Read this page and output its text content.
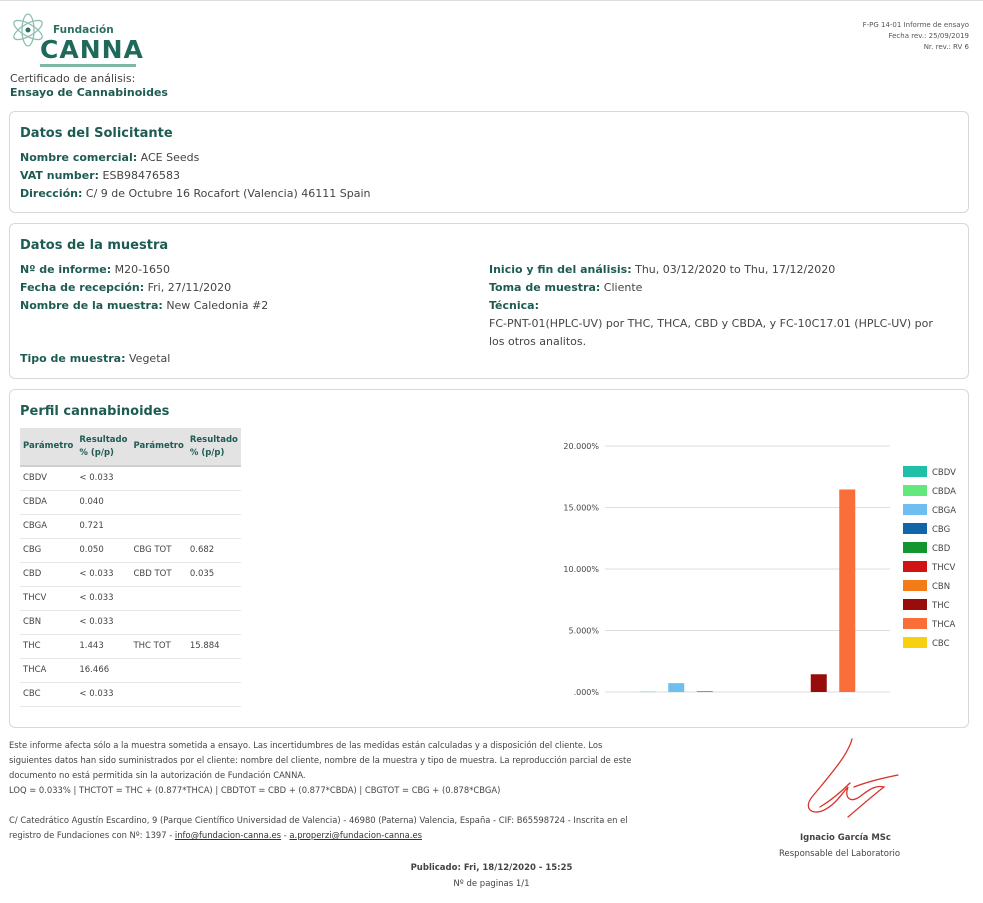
Fundación
CANNA
F-PG 14-01 Informe de ensayo
Fecha rev.: 25/09/2019
Nr. rev.: RV 6
Certificado de análisis:
Ensayo de Cannabinoides
Datos del Solicitante
Nombre comercial: ACE Seeds
VAT number: ESB98476583
Dirección: C/ 9 de Octubre 16 Rocafort (Valencia) 46111 Spain
Datos de la muestra
Nº de informe: M20-1650
Fecha de recepción: Fri, 27/11/2020
Nombre de la muestra: New Caledonia #2
Tipo de muestra: Vegetal
Inicio y fin del análisis: Thu, 03/12/2020 to Thu, 17/12/2020
Toma de muestra: Cliente
Técnica:
FC-PNT-01(HPLC-UV) por THC, THCA, CBD y CBDA, y FC-10C17.01 (HPLC-UV) por
los otros analitos.
Perfil cannabinoides
Parámetro	Resultado
% (p/p)	Parámetro	Resultado
% (p/p)
CBDV	< 0.033		
CBDA	0.040		
CBGA	0.721		
CBG	0.050	CBG TOT	0.682
CBD	< 0.033	CBD TOT	0.035
THCV	< 0.033		
CBN	< 0.033		
THC	1.443	THC TOT	15.884
THCA	16.466		
CBC	< 0.033		
20.000%
15.000%
10.000%
5.000%
.000%
CBDV
CBDA
CBGA
CBG
CBD
THCV
CBN
THC
THCA
CBC
Este informe afecta sólo a la muestra sometida a ensayo. Las incertidumbres de las medidas están calculadas y a disposición del cliente. Los
siguientes datos han sido suministrados por el cliente: nombre del cliente, nombre de la muestra y tipo de muestra. La reproducción parcial de este
documento no está permitida sin la autorización de Fundación CANNA.
LOQ = 0.033% | THCTOT = THC + (0.877*THCA) | CBDTOT = CBD + (0.877*CBDA) | CBGTOT = CBG + (0.878*CBGA)
C/ Catedrático Agustín Escardino, 9 (Parque Científico Universidad de Valencia) - 46980 (Paterna) Valencia, España - CIF: B65598724 - Inscrita en el
registro de Fundaciones con Nº: 1397 - info@fundacion-canna.es - a.properzi@fundacion-canna.es	Ignacio García MSc
Responsable del Laboratorio
Publicado: Fri, 18/12/2020 - 15:25
Nº de paginas 1/1
